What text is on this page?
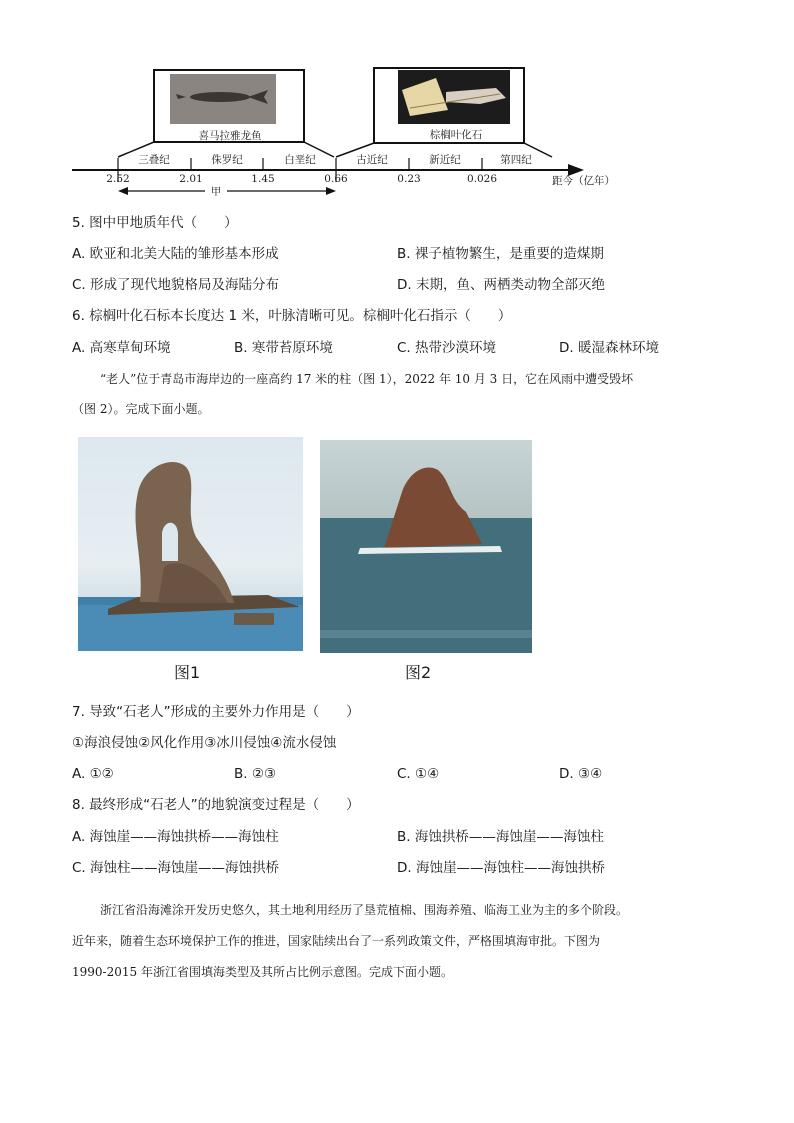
喜马拉雅龙鱼	棕榈叶化石
三叠纪	侏罗纪	白垩纪	古近纪	新近纪	第四纪
2.52	2.01	1.45	0.66	0.23	0.026	距今（亿年）
甲
5. 图中甲地质年代（　　）
A. 欧亚和北美大陆的雏形基本形成	B. 裸子植物繁生，是重要的造煤期
C. 形成了现代地貌格局及海陆分布	D. 末期，鱼、两栖类动物全部灭绝
6. 棕榈叶化石标本长度达 1 米，叶脉清晰可见。棕榈叶化石指示（　　）
A. 高寒草甸环境	B. 寒带苔原环境	C. 热带沙漠环境	D. 暖湿森林环境
“老人”位于青岛市海岸边的一座高约 17 米的柱（图 1），2022 年 10 月 3 日，它在风雨中遭受毁坏
（图 2）。完成下面小题。
图1	图2
7. 导致“石老人”形成的主要外力作用是（　　）
①海浪侵蚀②风化作用③冰川侵蚀④流水侵蚀
A. ①②	B. ②③	C. ①④	D. ③④
8. 最终形成“石老人”的地貌演变过程是（　　）
A. 海蚀崖——海蚀拱桥——海蚀柱	B. 海蚀拱桥——海蚀崖——海蚀柱
C. 海蚀柱——海蚀崖——海蚀拱桥	D. 海蚀崖——海蚀柱——海蚀拱桥
浙江省沿海滩涂开发历史悠久，其土地利用经历了垦荒植棉、围海养殖、临海工业为主的多个阶段。
近年来，随着生态环境保护工作的推进，国家陆续出台了一系列政策文件，严格围填海审批。下图为
1990-2015 年浙江省围填海类型及其所占比例示意图。完成下面小题。
